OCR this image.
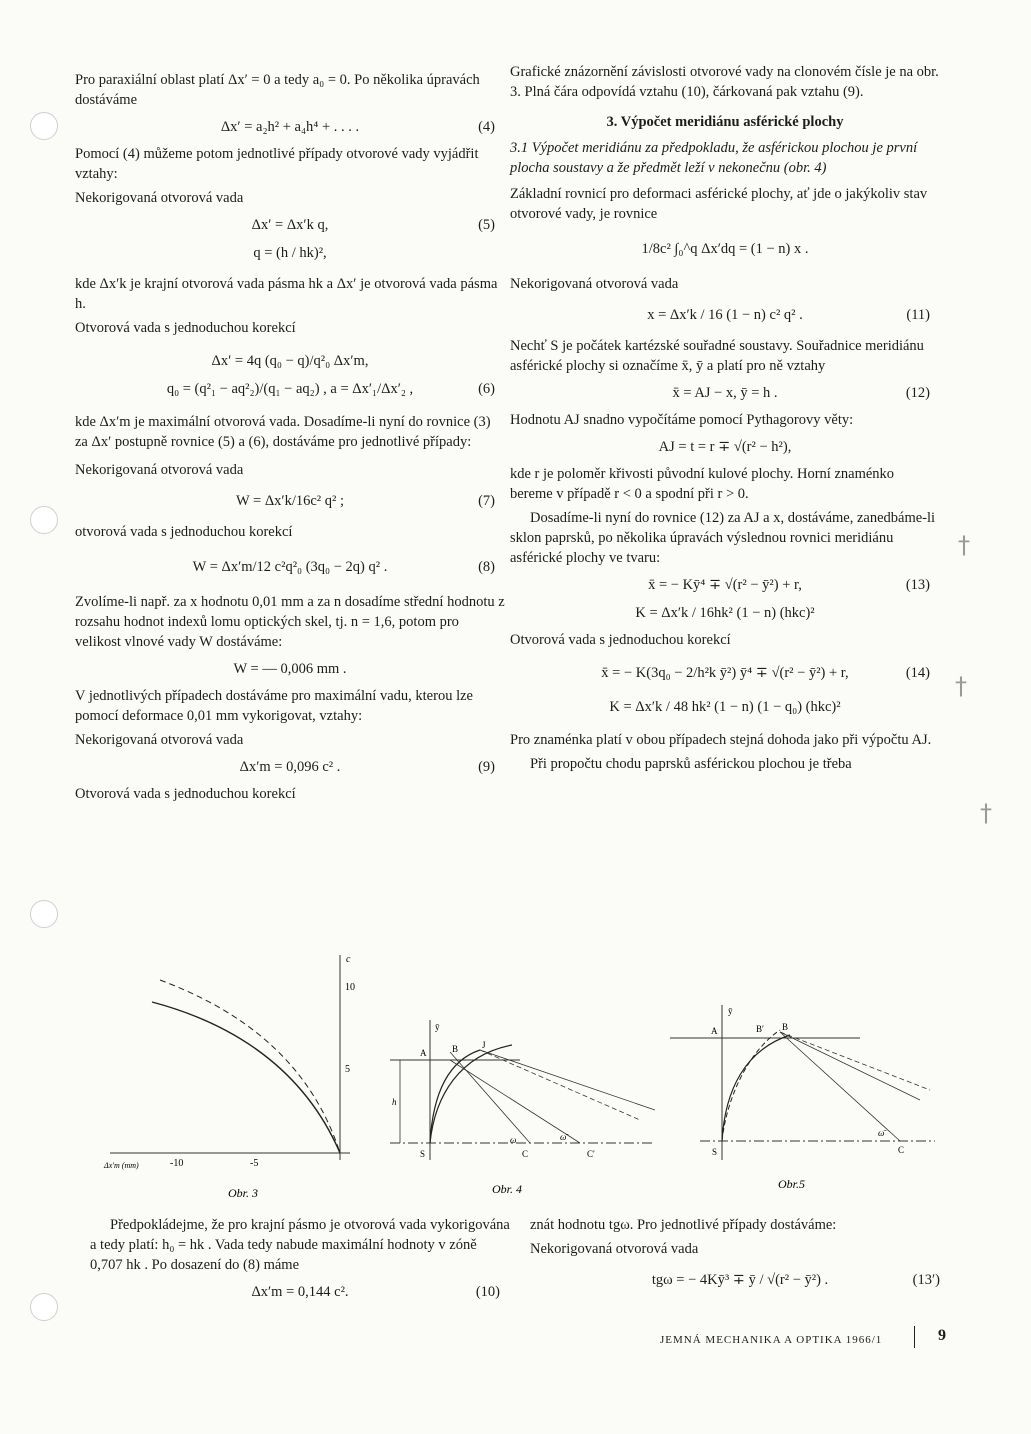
†
†
†

Pro paraxiální oblast platí Δx′ = 0 a tedy a₀ = 0. Po několika úpravách dostáváme

Δx′ = a₂h² + a₄h⁴ + . . . .	(4)

Pomocí (4) můžeme potom jednotlivé případy otvorové vady vyjádřit vztahy:

Nekorigovaná otvorová vada

Δx′ = Δx′k q,	(5)
q = (h / hk)²,

kde Δx′k je krajní otvorová vada pásma hk a Δx′ je otvorová vada pásma h.

Otvorová vada s jednoduchou korekcí

Δx′ = 4q (q₀ − q)/q²₀ Δx′m,
q₀ = (q²₁ − aq²₂)/(q₁ − aq₂) , a = Δx′₁/Δx′₂ ,	(6)

kde Δx′m je maximální otvorová vada. Dosadíme-li nyní do rovnice (3) za Δx′ postupně rovnice (5) a (6), dostáváme pro jednotlivé případy:

Nekorigovaná otvorová vada

W = Δx′k/16c² q² ;	(7)

otvorová vada s jednoduchou korekcí

W = Δx′m/12 c²q²₀ (3q₀ − 2q) q² .	(8)

Zvolíme-li např. za x hodnotu 0,01 mm a za n dosadíme střední hodnotu z rozsahu hodnot indexů lomu optických skel, tj. n = 1,6, potom pro velikost vlnové vady W dostáváme:

W = — 0,006 mm .

V jednotlivých případech dostáváme pro maximální vadu, kterou lze pomocí deformace 0,01 mm vykorigovat, vztahy:

Nekorigovaná otvorová vada

Δx′m = 0,096 c² .	(9)

Otvorová vada s jednoduchou korekcí

Grafické znázornění závislosti otvorové vady na clonovém čísle je na obr. 3. Plná čára odpovídá vztahu (10), čárkovaná pak vztahu (9).

3. Výpočet meridiánu asférické plochy
3.1 Výpočet meridiánu za předpokladu, že asférickou plochou je první plocha soustavy a že předmět leží v nekonečnu (obr. 4)

Základní rovnicí pro deformaci asférické plochy, ať jde o jakýkoliv stav otvorové vady, je rovnice

1/8c² ∫₀^q Δx′dq = (1 − n) x .

Nekorigovaná otvorová vada

x = Δx′k / 16 (1 − n) c² q² .	(11)

Nechť S je počátek kartézské souřadné soustavy. Souřadnice meridiánu asférické plochy si označíme x̄, ȳ a platí pro ně vztahy

x̄ = AJ − x, ȳ = h .	(12)

Hodnotu AJ snadno vypočítáme pomocí Pythagorovy věty:

AJ = t = r ∓ √(r² − h²),

kde r je poloměr křivosti původní kulové plochy. Horní znaménko bereme v případě r < 0 a spodní při r > 0.

Dosadíme-li nyní do rovnice (12) za AJ a x, dostáváme, zanedbáme-li sklon paprsků, po několika úpravách výslednou rovnici meridiánu asférické plochy ve tvaru:

x̄ = − Kȳ⁴ ∓ √(r² − ȳ²) + r,	(13)
K = Δx′k / 16hk² (1 − n) (hkc)²

Otvorová vada s jednoduchou korekcí

x̄ = − K(3q₀ − 2/h²k ȳ²) ȳ⁴ ∓ √(r² − ȳ²) + r,	(14)
K = Δx′k / 48 hk² (1 − n) (1 − q₀) (hkc)²

Pro znaménka platí v obou případech stejná dohoda jako při výpočtu AJ.

Při propočtu chodu paprsků asférickou plochou je třeba

c
10
5
-10	-5
Δx′m (mm)
Obr. 3
ȳ
A	B	J
h
S	C	C′
ω	ω̄
Obr. 4
ȳ
A	B′ B
S	C
ω̄
Obr.5

Předpokládejme, že pro krajní pásmo je otvorová vada vykorigována a tedy platí: h₀ = hk . Vada tedy nabude maximální hodnoty v zóně 0,707 hk . Po dosazení do (8) máme

Δx′m = 0,144 c².	(10)

znát hodnotu tgω. Pro jednotlivé případy dostáváme:

Nekorigovaná otvorová vada

tgω = − 4Kȳ³ ∓ ȳ / √(r² − ȳ²) .	(13′)
JEMNÁ MECHANIKA A OPTIKA 1966/1	9
